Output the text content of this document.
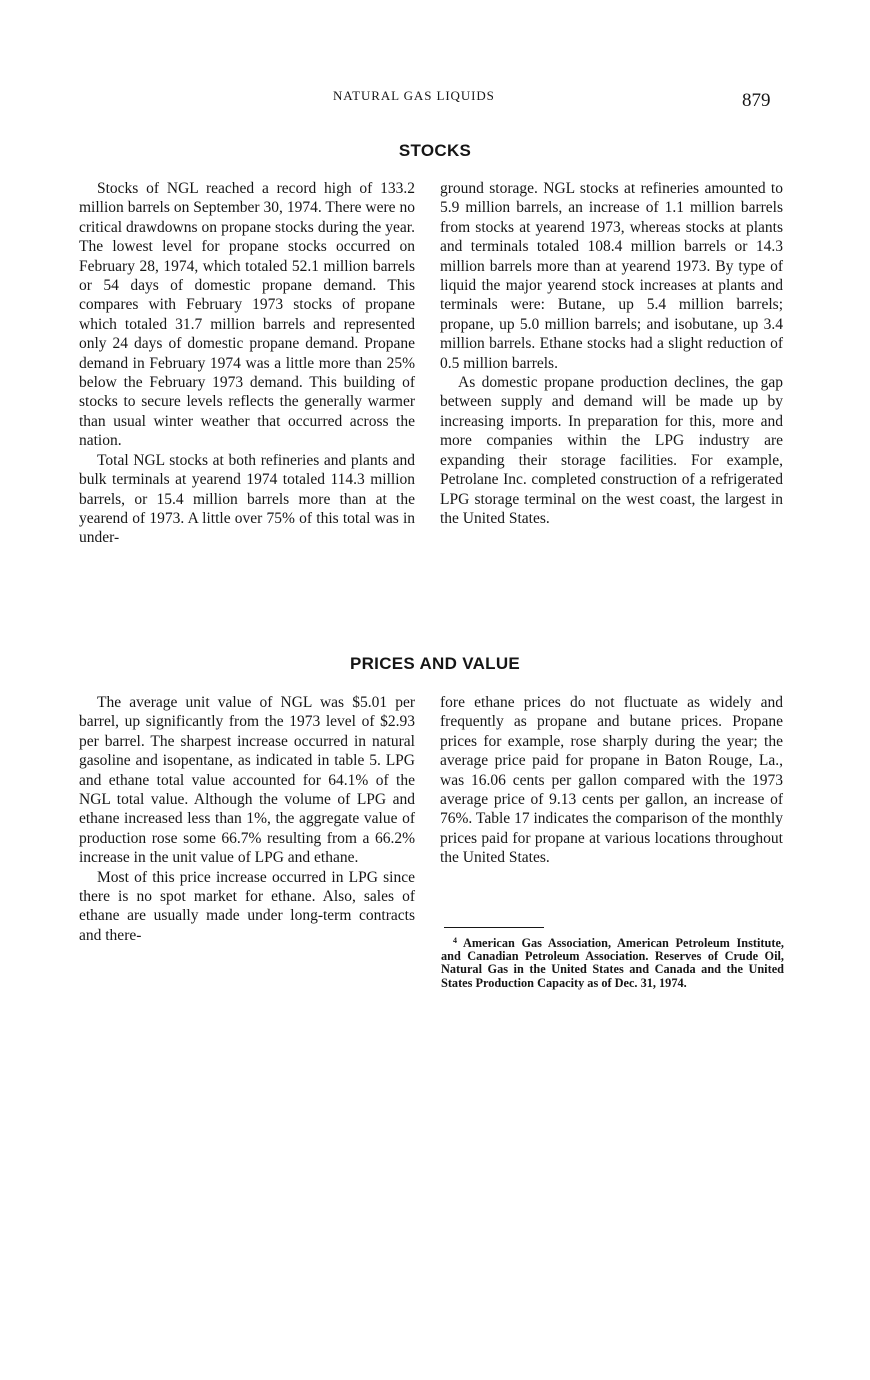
NATURAL GAS LIQUIDS	879
STOCKS

Stocks of NGL reached a record high of 133.2 million barrels on September 30, 1974. There were no critical drawdowns on propane stocks during the year. The lowest level for propane stocks occurred on February 28, 1974, which totaled 52.1 million barrels or 54 days of domestic propane demand. This compares with February 1973 stocks of propane which totaled 31.7 million barrels and represented only 24 days of domestic propane demand. Propane demand in February 1974 was a little more than 25% below the February 1973 demand. This building of stocks to secure levels reflects the generally warmer than usual winter weather that occurred across the nation.

Total NGL stocks at both refineries and plants and bulk terminals at yearend 1974 totaled 114.3 million barrels, or 15.4 million barrels more than at the yearend of 1973. A little over 75% of this total was in under-

ground storage. NGL stocks at refineries amounted to 5.9 million barrels, an increase of 1.1 million barrels from stocks at yearend 1973, whereas stocks at plants and terminals totaled 108.4 million barrels or 14.3 million barrels more than at yearend 1973. By type of liquid the major yearend stock increases at plants and terminals were: Butane, up 5.4 million barrels; propane, up 5.0 million barrels; and isobutane, up 3.4 million barrels. Ethane stocks had a slight reduction of 0.5 million barrels.

As domestic propane production declines, the gap between supply and demand will be made up by increasing imports. In preparation for this, more and more companies within the LPG industry are expanding their storage facilities. For example, Petrolane Inc. completed construction of a refrigerated LPG storage terminal on the west coast, the largest in the United States.

PRICES AND VALUE

The average unit value of NGL was $5.01 per barrel, up significantly from the 1973 level of $2.93 per barrel. The sharpest increase occurred in natural gasoline and isopentane, as indicated in table 5. LPG and ethane total value accounted for 64.1% of the NGL total value. Although the volume of LPG and ethane increased less than 1%, the aggregate value of production rose some 66.7% resulting from a 66.2% increase in the unit value of LPG and ethane.

Most of this price increase occurred in LPG since there is no spot market for ethane. Also, sales of ethane are usually made under long-term contracts and there-

fore ethane prices do not fluctuate as widely and frequently as propane and butane prices. Propane prices for example, rose sharply during the year; the average price paid for propane in Baton Rouge, La., was 16.06 cents per gallon compared with the 1973 average price of 9.13 cents per gallon, an increase of 76%. Table 17 indicates the comparison of the monthly prices paid for propane at various locations throughout the United States.

$^4$ American Gas Association, American Petroleum Institute, and Canadian Petroleum Association. Reserves of Crude Oil, Natural Gas in the United States and Canada and the United States Production Capacity as of Dec. 31, 1974.
